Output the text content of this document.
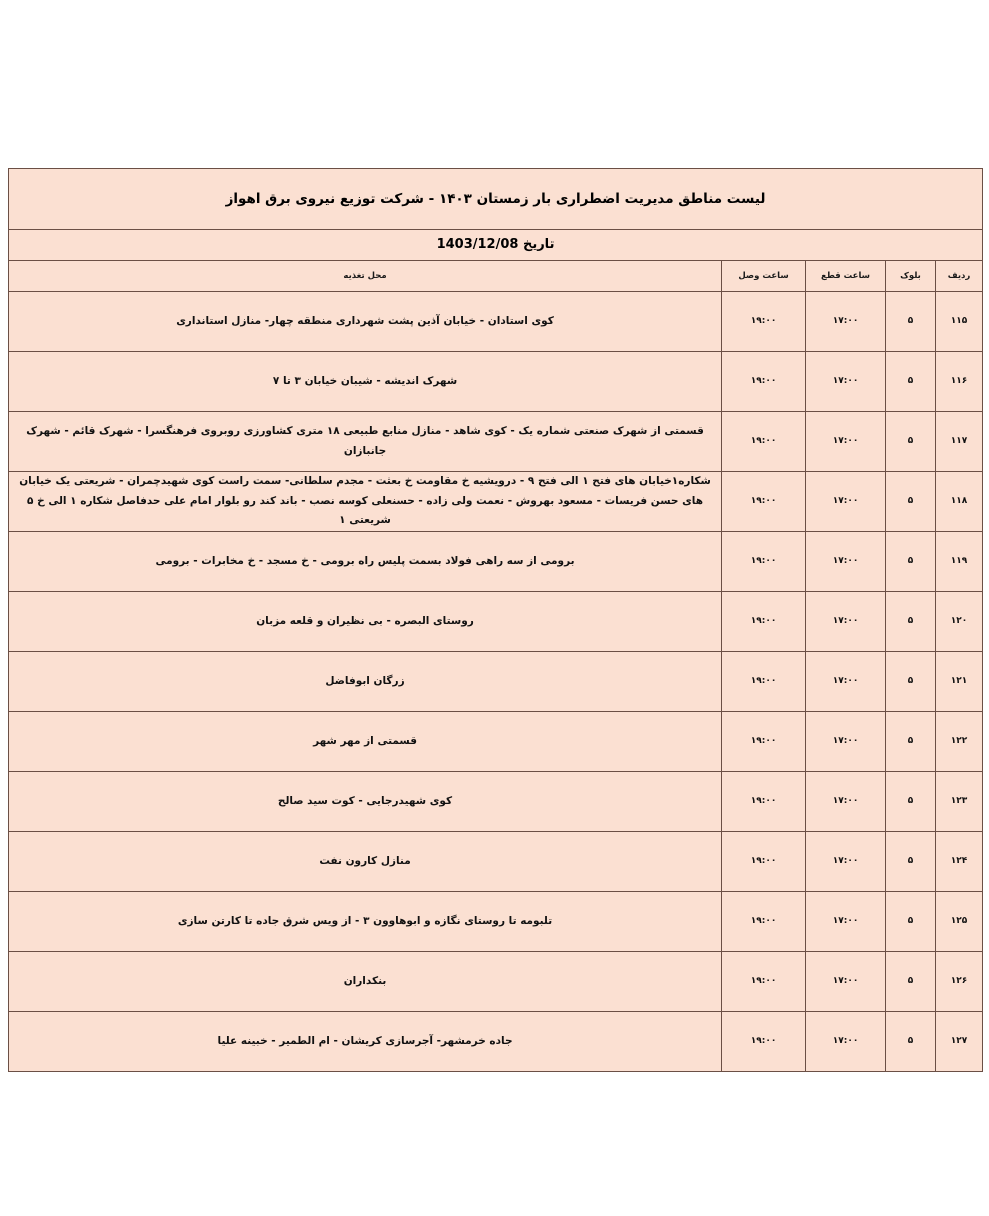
لیست مناطق مدیریت اضطراری بار زمستان ۱۴۰۳ - شرکت توزیع نیروی برق اهواز				

تاریخ 1403/12/08				

ردیف	بلوک	ساعت قطع	ساعت وصل	محل تغذیه

۱۱۵	۵	۱۷:۰۰	۱۹:۰۰	کوی استادان - خیابان آذین پشت شهرداری منطقه چهار- منازل استانداری

۱۱۶	۵	۱۷:۰۰	۱۹:۰۰	شهرک اندیشه - شیبان خیابان ۳ تا ۷

۱۱۷	۵	۱۷:۰۰	۱۹:۰۰	قسمتی از شهرک صنعتی شماره یک - کوی شاهد - منازل منابع طبیعی ۱۸ متری کشاورزی روبروی فرهنگسرا - شهرک قائم - شهرک جانبازان

۱۱۸	۵	۱۷:۰۰	۱۹:۰۰	شکاره۱خیابان های فتح ۱ الی فتح ۹ - درویشیه خ مقاومت خ بعثت - مجدم سلطانی- سمت راست کوی شهیدچمران - شریعتی یک خیابان های حسن فریسات - مسعود بهروش - نعمت ولی زاده - حسنعلی کوسه نصب - باند کند رو بلوار امام علی حدفاصل شکاره ۱ الی خ ۵ شریعتی ۱

۱۱۹	۵	۱۷:۰۰	۱۹:۰۰	برومی از سه راهی فولاد بسمت پلیس راه برومی - خ مسجد - خ مخابرات - برومی

۱۲۰	۵	۱۷:۰۰	۱۹:۰۰	روستای البصره - بی نظیران و قلعه مزبان

۱۲۱	۵	۱۷:۰۰	۱۹:۰۰	زرگان ابوفاضل

۱۲۲	۵	۱۷:۰۰	۱۹:۰۰	قسمتی از مهر شهر

۱۲۳	۵	۱۷:۰۰	۱۹:۰۰	کوی شهیدرجایی - کوت سید صالح

۱۲۴	۵	۱۷:۰۰	۱۹:۰۰	منازل کارون نفت

۱۲۵	۵	۱۷:۰۰	۱۹:۰۰	تلبومه تا روستای نگازه و ابوهاوون ۳ - از ویس شرق جاده تا کارتن سازی

۱۲۶	۵	۱۷:۰۰	۱۹:۰۰	بنکداران

۱۲۷	۵	۱۷:۰۰	۱۹:۰۰	جاده خرمشهر- آجرسازی کریشان - ام الطمیر - خبینه علیا
